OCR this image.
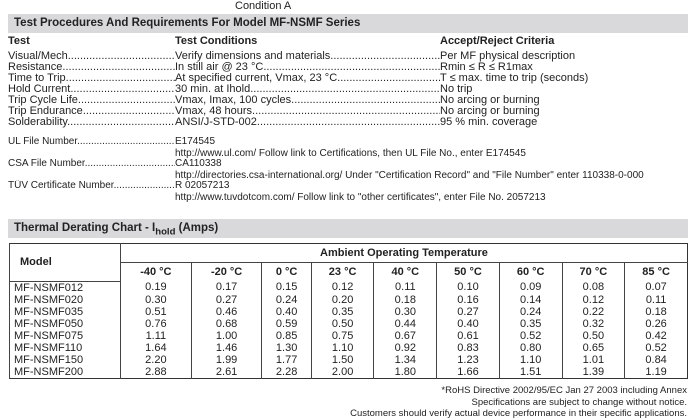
Condition A
Test Procedures And Requirements For Model MF-NSMF Series
Test	Test Conditions	Accept/Reject Criteria
Visual/Mech. .....	Verify dimensions and materials .....	Per MF physical description
Resistance .....	In still air @ 23 °C .....	Rmin ≤ R ≤ R1max
Time to Trip .....	At specified current, Vmax, 23 °C .....	T ≤ max. time to trip (seconds)
Hold Current .....	30 min. at Ihold .....	No trip
Trip Cycle Life .....	Vmax, Imax, 100 cycles .....	No arcing or burning
Trip Endurance .....	Vmax, 48 hours .....	No arcing or burning
Solderability .....	ANSI/J-STD-002 .....	95 % min. coverage
UL File Number .....	E174545
http://www.ul.com/ Follow link to Certifications, then UL File No., enter E174545
CSA File Number .....	CA110338
http://directories.csa-international.org/ Under "Certification Record" and "File Number" enter 110338-0-000
TÜV Certificate Number .....	R 02057213
http://www.tuvdotcom.com/ Follow link to "other certificates", enter File No. 2057213
Thermal Derating Chart - $I_{hold}$ (Amps)
Model	Ambient Operating Temperature								
	-40 °C	-20 °C	0 °C	23 °C	40 °C	50 °C	60 °C	70 °C	85 °C
MF-NSMF012	0.19	0.17	0.15	0.12	0.11	0.10	0.09	0.08	0.07
MF-NSMF020	0.30	0.27	0.24	0.20	0.18	0.16	0.14	0.12	0.11
MF-NSMF035	0.51	0.46	0.40	0.35	0.30	0.27	0.24	0.22	0.18
MF-NSMF050	0.76	0.68	0.59	0.50	0.44	0.40	0.35	0.32	0.26
MF-NSMF075	1.11	1.00	0.85	0.75	0.67	0.61	0.52	0.50	0.42
MF-NSMF110	1.64	1.46	1.30	1.10	0.92	0.83	0.80	0.65	0.52
MF-NSMF150	2.20	1.99	1.77	1.50	1.34	1.23	1.10	1.01	0.84
MF-NSMF200	2.88	2.61	2.28	2.00	1.80	1.66	1.51	1.39	1.19
*RoHS Directive 2002/95/EC Jan 27 2003 including Annex
Specifications are subject to change without notice.
Customers should verify actual device performance in their specific applications.
